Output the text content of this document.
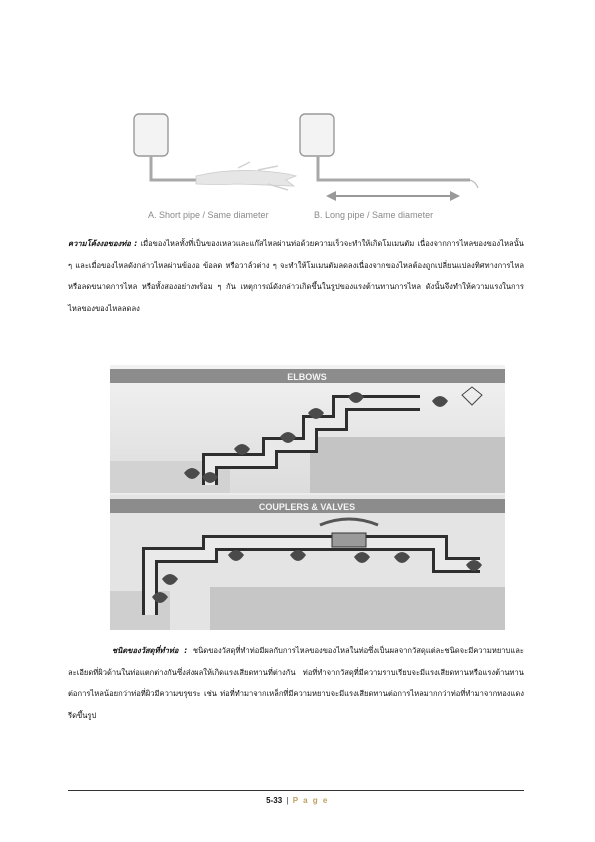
A. Short pipe / Same diameter	B. Long pipe / Same diameter

ความโค้งงอของท่อ : เมื่อของไหลทั้งที่เป็นของเหลวและแก๊สไหลผ่านท่อด้วยความเร็วจะทำให้เกิดโมเมนตัม เนื่องจากการไหลของของไหลนั้น ๆ และเมื่อของไหลดังกล่าวไหลผ่านข้องอ ข้อลด หรือวาล์วต่าง ๆ จะทำให้โมเมนตัมลดลงเนื่องจากของไหลต้องถูกเปลี่ยนแปลงทิศทางการไหลหรือลดขนาดการไหล หรือทั้งสองอย่างพร้อม ๆ กัน เหตุการณ์ดังกล่าวเกิดขึ้นในรูปของแรงต้านทานการไหล ดังนั้นจึงทำให้ความแรงในการไหลของของไหลลดลง

ELBOWS
COUPLERS & VALVES

ชนิดของวัสดุที่ทำท่อ : ชนิดของวัสดุที่ทำท่อมีผลกับการไหลของของไหลในท่อซึ่งเป็นผลจากวัสดุแต่ละชนิดจะมีความหยาบและละเอียดที่ผิวด้านในท่อแตกต่างกันซึ่งส่งผลให้เกิดแรงเสียดทานที่ต่างกัน ท่อที่ทำจากวัสดุที่มีความราบเรียบจะมีแรงเสียดทานหรือแรงต้านทานต่อการไหลน้อยกว่าท่อที่ผิวมีความขรุขระ เช่น ท่อที่ทำมาจากเหล็กที่มีความหยาบจะมีแรงเสียดทานต่อการไหลมากกว่าท่อที่ทำมาจากทองแดงรีดขึ้นรูป

5-33 | P a g e
